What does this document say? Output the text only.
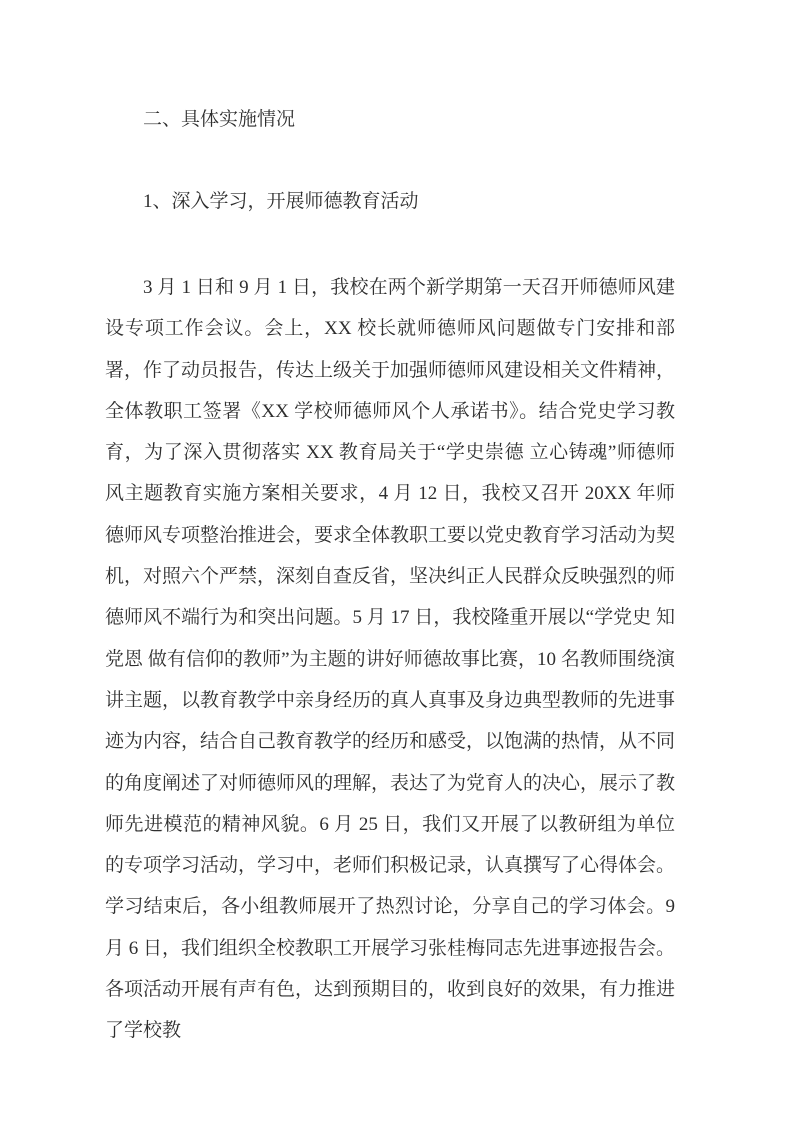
二、具体实施情况
1、深入学习，开展师德教育活动

3 月 1 日和 9 月 1 日，我校在两个新学期第一天召开师德师风建设专项工作会议。会上，XX 校长就师德师风问题做专门安排和部署，作了动员报告，传达上级关于加强师德师风建设相关文件精神，全体教职工签署《XX 学校师德师风个人承诺书》。结合党史学习教育，为了深入贯彻落实 XX 教育局关于“学史崇德 立心铸魂”师德师风主题教育实施方案相关要求，4 月 12 日，我校又召开 20XX 年师德师风专项整治推进会，要求全体教职工要以党史教育学习活动为契机，对照六个严禁，深刻自查反省，坚决纠正人民群众反映强烈的师德师风不端行为和突出问题。5 月 17 日，我校隆重开展以“学党史 知党恩 做有信仰的教师”为主题的讲好师德故事比赛，10 名教师围绕演讲主题，以教育教学中亲身经历的真人真事及身边典型教师的先进事迹为内容，结合自己教育教学的经历和感受，以饱满的热情，从不同的角度阐述了对师德师风的理解，表达了为党育人的决心，展示了教师先进模范的精神风貌。6 月 25 日，我们又开展了以教研组为单位的专项学习活动，学习中，老师们积极记录，认真撰写了心得体会。学习结束后，各小组教师展开了热烈讨论，分享自己的学习体会。9 月 6 日，我们组织全校教职工开展学习张桂梅同志先进事迹报告会。各项活动开展有声有色，达到预期目的，收到良好的效果，有力推进了学校教
